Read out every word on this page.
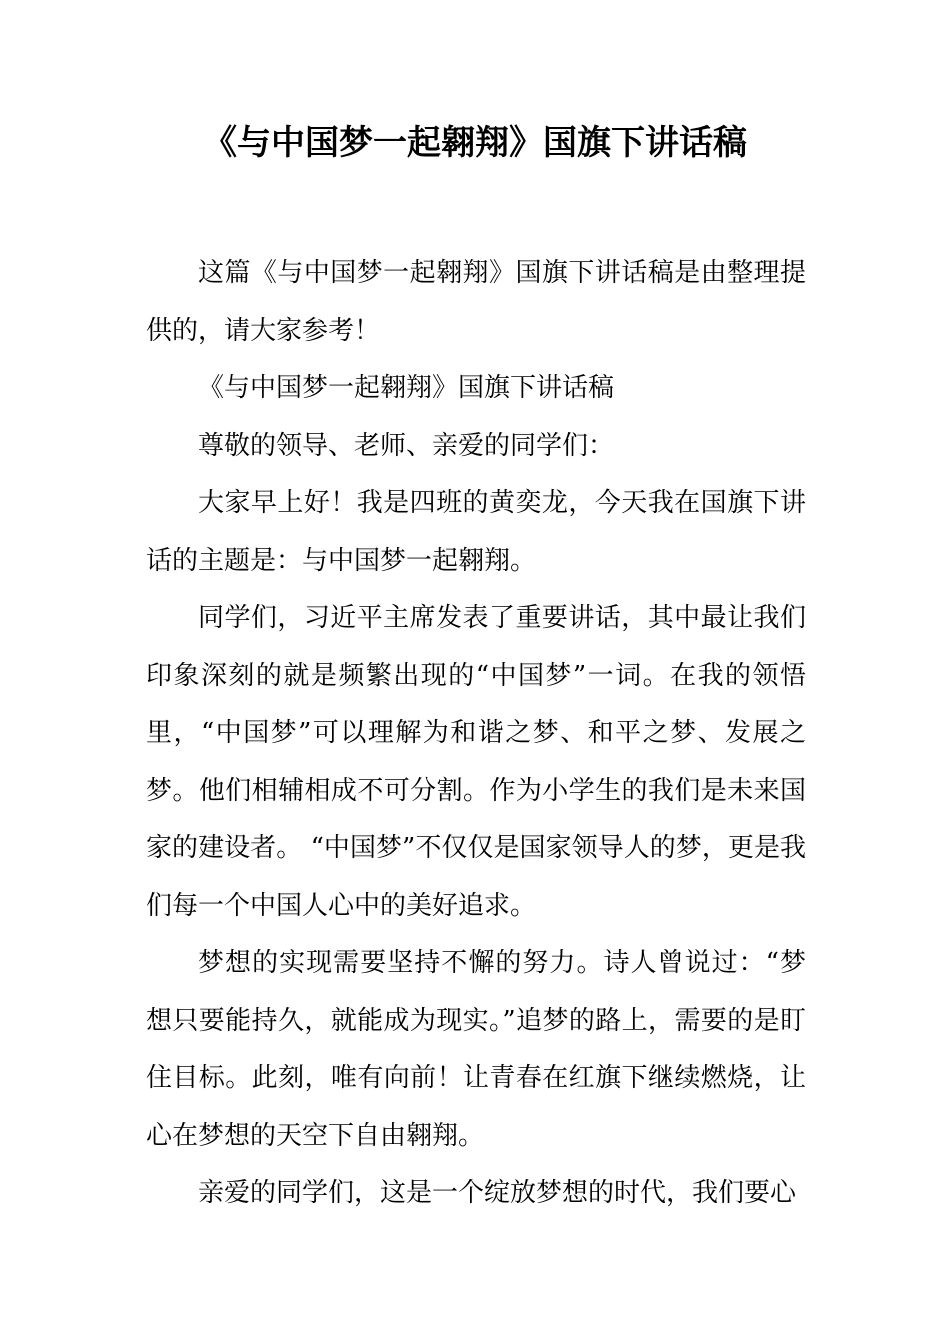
《与中国梦一起翱翔》国旗下讲话稿

这篇《与中国梦一起翱翔》国旗下讲话稿是由整理提供的，请大家参考！

《与中国梦一起翱翔》国旗下讲话稿

尊敬的领导、老师、亲爱的同学们：

大家早上好！我是四班的黄奕龙，今天我在国旗下讲话的主题是：与中国梦一起翱翔。

同学们，习近平主席发表了重要讲话，其中最让我们印象深刻的就是频繁出现的“中国梦”一词。在我的领悟里，“中国梦”可以理解为和谐之梦、和平之梦、发展之梦。他们相辅相成不可分割。作为小学生的我们是未来国家的建设者。 “中国梦”不仅仅是国家领导人的梦，更是我们每一个中国人心中的美好追求。

梦想的实现需要坚持不懈的努力。诗人曾说过：“梦想只要能持久，就能成为现实。”追梦的路上，需要的是盯住目标。此刻，唯有向前！让青春在红旗下继续燃烧，让心在梦想的天空下自由翱翔。

亲爱的同学们，这是一个绽放梦想的时代，我们要心
